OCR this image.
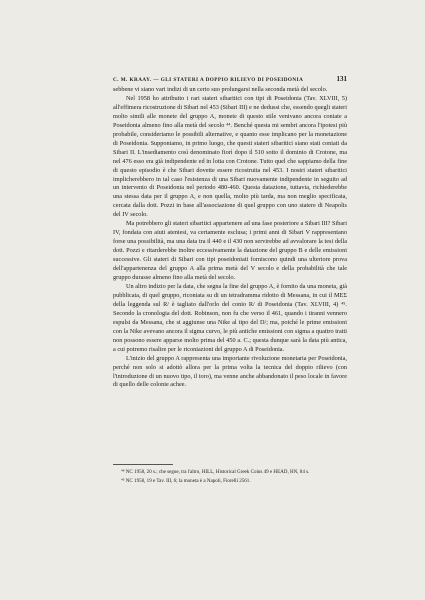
C. M. KRAAY. — GLI STATERI A DOPPIO RILIEVO DI POSEIDONIA	131

sebbene vi siano vari indizi di un certo suo prolungarsi nella seconda metà del secolo.

Nel 1958 ho attribuito i rari stateri sibaritici con tipi di Poseidonia (Tav. XLVIII, 5) all'effimera ricostruzione di Sibari nel 453 (Sibari III) e ne dedussi che, essendo quegli stateri molto simili alle monete del gruppo A, monete di questo stile venivano ancora coniate a Poseidonia almeno fino alla metà del secolo ⁴⁴. Benché questa mi sembri ancora l'ipotesi più probabile, consideriamo le possibili alternative, e quanto esse implicano per la monetazione di Poseidonia. Supponiamo, in primo luogo, che questi stateri sibaritici siano stati coniati da Sibari II. L'insediamento così denominato fiorì dopo il 510 sotto il dominio di Crotone, ma nel 476 esso era già indipendente ed in lotta con Crotone. Tutto quel che sappiamo della fine di questo episodio è che Sibari dovette essere ricostruita nel 453. I nostri stateri sibaritici implicherebbero in tal caso l'esistenza di una Sibari nuovamente indipendente in seguito ad un intervento di Poseidonia nel periodo 480-460. Questa datazione, tuttavia, richiederebbe una stessa data per il gruppo A, e non quella, molto più tarda, ma non meglio specificata, cercata dalla dott. Pozzi in base all'associazione di quel gruppo con uno statere di Neapolis del IV secolo.

Ma potrebbero gli stateri sibaritici appartenere ad una fase posteriore a Sibari III? Sibari IV, fondata con aiuti ateniesi, va certamente esclusa; i primi anni di Sibari V rappresentano forse una possibilità, ma una data tra il 440 e il 430 non servirebbe ad avvalorare la tesi della dott. Pozzi e ritarderebbe inoltre eccessivamente la datazione del gruppo B e delle emissioni successive. Gli stateri di Sibari con tipi poseidoniati forniscono quindi una ulteriore prova dell'appartenenza del gruppo A alla prima metà del V secolo e della probabilità che tale gruppo durasse almeno fino alla metà del secolo.

Un altro indizio per la data, che segna la fine del gruppo A, è fornito da una moneta, già pubblicata, di quel gruppo, riconiata su di un tetradramma ridotto di Messana, in cui il ΜΕΣ della leggenda sul R/ è tagliato dall'orlo del conio R/ di Poseidonia (Tav. XLVIII, 4) ⁴⁵. Secondo la cronologia del dott. Robinson, non fu che verso il 461, quando i tiranni vennero espulsi da Messana, che si aggiunse una Nike al tipo del D/; ma, poiché le prime emissioni con la Nike avevano ancora il sigma curvo, le più antiche emissioni con sigma a quattro tratti non possono essere apparse molto prima del 450 a. C.; questa dunque sarà la data più antica, a cui potremo risalire per le riconiazioni del gruppo A di Poseidonia.

L'inizio del gruppo A rappresenta una importante rivoluzione monetaria per Poseidonia, perché non solo si adottò allora per la prima volta la tecnica del doppio rilievo (con l'introduzione di un nuovo tipo, il toro), ma venne anche abbandonato il peso locale in favore di quello delle colonie achee.

⁴⁴ NC 1958, 20 s.; che segue, tra l'altro, HILL, Historical Greek Coins 49 e HEAD, HN, 84 s.

⁴⁵ NC 1958, 19 e Tav. III, 6; la moneta è a Napoli, Fiorelli 2561.
